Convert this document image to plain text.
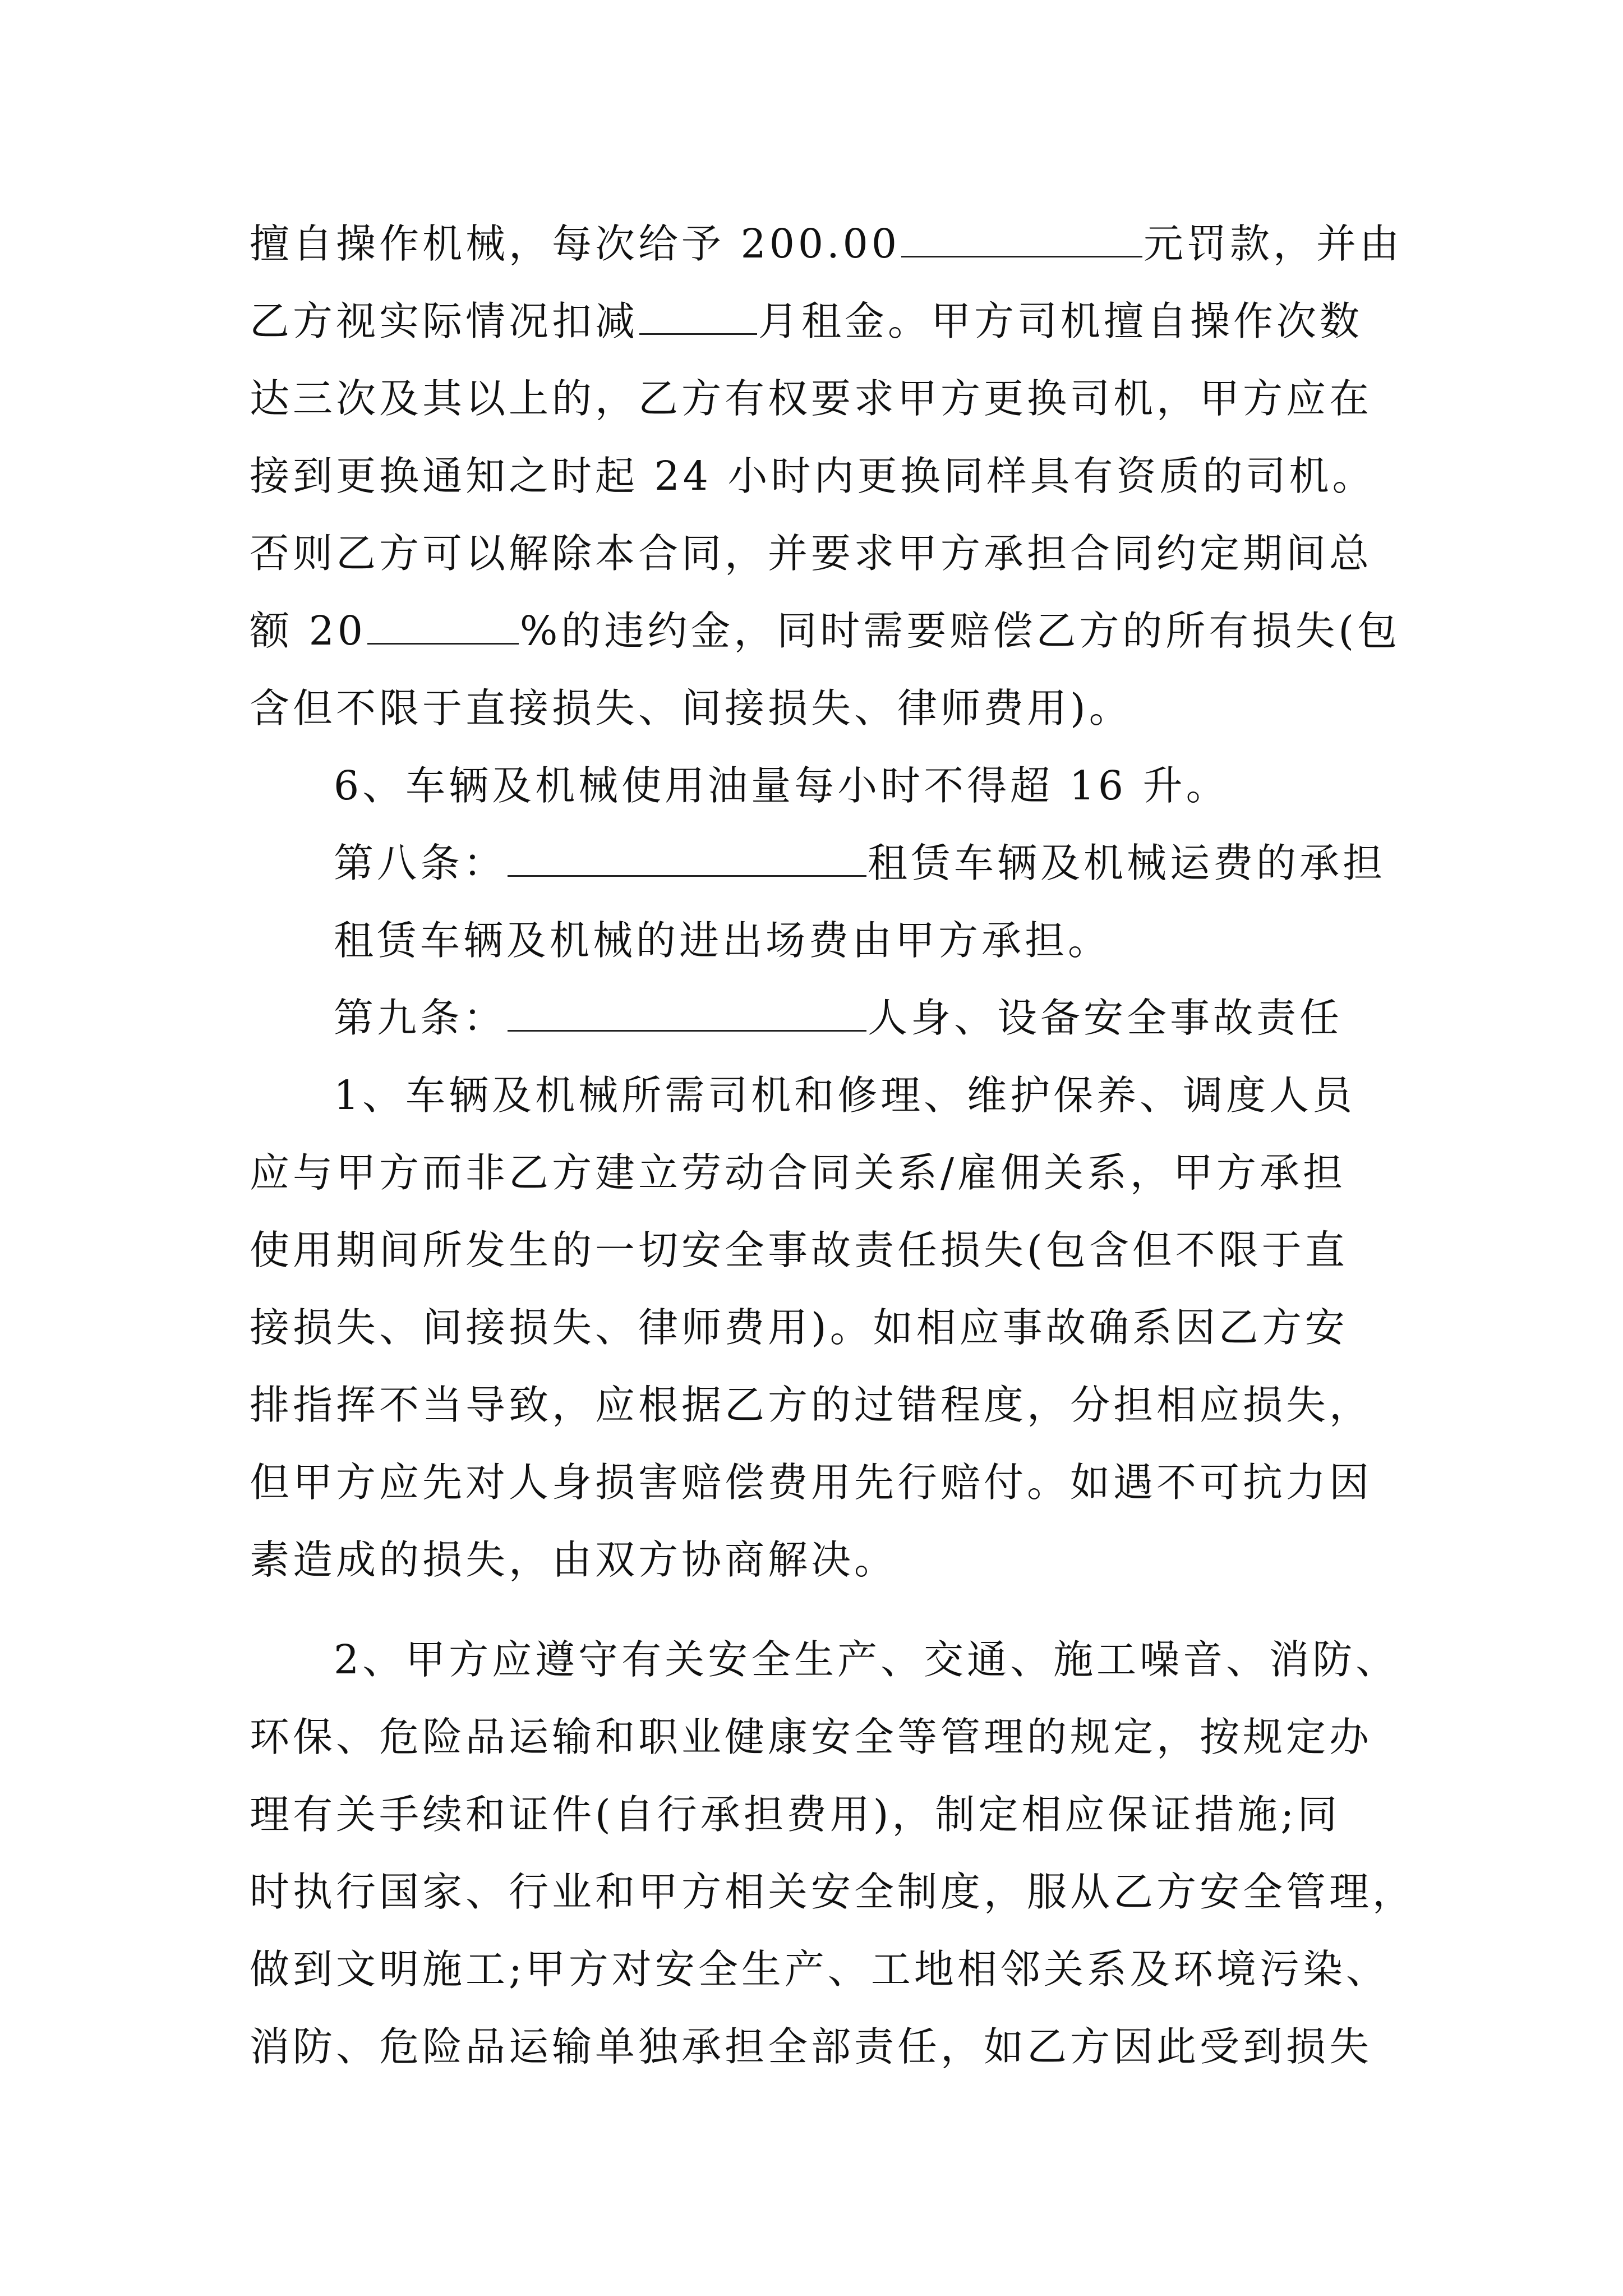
擅自操作机械，每次给予 200.00	元罚款，并由
乙方视实际情况扣减	月租金。甲方司机擅自操作次数
达三次及其以上的，乙方有权要求甲方更换司机，甲方应在
接到更换通知之时起 24 小时内更换同样具有资质的司机。
否则乙方可以解除本合同，并要求甲方承担合同约定期间总
额 20	%的违约金，同时需要赔偿乙方的所有损失(包
含但不限于直接损失、间接损失、律师费用)。
6、车辆及机械使用油量每小时不得超 16 升。
第八条：	租赁车辆及机械运费的承担
租赁车辆及机械的进出场费由甲方承担。
第九条：	人身、设备安全事故责任
1、车辆及机械所需司机和修理、维护保养、调度人员
应与甲方而非乙方建立劳动合同关系/雇佣关系，甲方承担
使用期间所发生的一切安全事故责任损失(包含但不限于直
接损失、间接损失、律师费用)。如相应事故确系因乙方安
排指挥不当导致，应根据乙方的过错程度，分担相应损失，
但甲方应先对人身损害赔偿费用先行赔付。如遇不可抗力因
素造成的损失，由双方协商解决。
2、甲方应遵守有关安全生产、交通、施工噪音、消防、
环保、危险品运输和职业健康安全等管理的规定，按规定办
理有关手续和证件(自行承担费用)，制定相应保证措施;同
时执行国家、行业和甲方相关安全制度，服从乙方安全管理，
做到文明施工;甲方对安全生产、工地相邻关系及环境污染、
消防、危险品运输单独承担全部责任，如乙方因此受到损失
